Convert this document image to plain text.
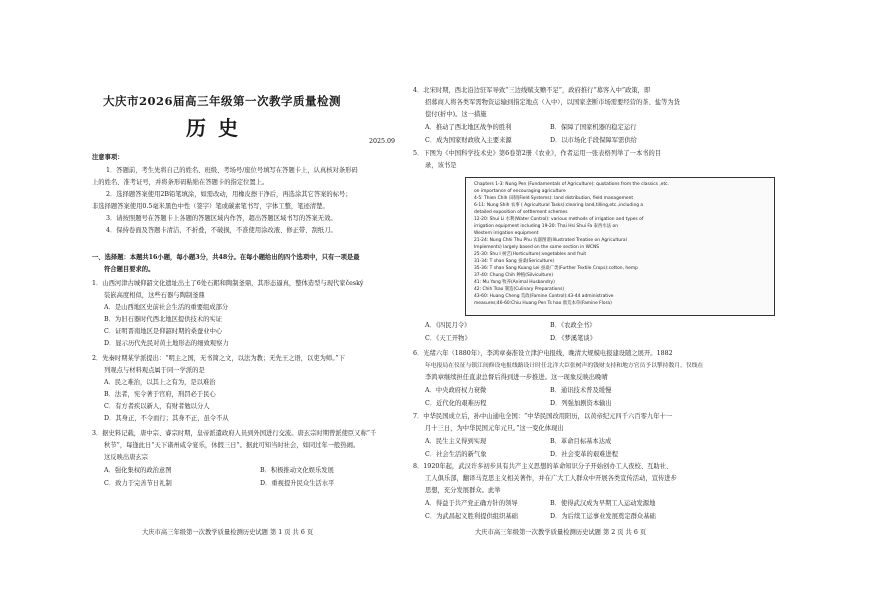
大庆市2026届高三年级第一次教学质量检测
历史
2025.09
注意事项：
1．答题前，考生先将自己的姓名、班级、考场号/座位号填写在答题卡上，认真核对条形码
上的姓名、准考证号，并将条形码粘贴在答题卡的指定位置上。
2．选择题答案使用2B铅笔填涂，如需改动，用橡皮擦干净后，再选涂其它答案的标号；
非选择题答案使用0.5毫米黑色中性（签字）笔或碳素笔书写，字体工整，笔迹清楚。
3．请按照题号在答题卡上各题的答题区域内作答，超出答题区域书写的答案无效。
4．保持卷面及答题卡清洁，不折叠，不破损，不准使用涂改液、修正带、刮纸刀。
一、选择题：本题共16小题，每小题3分，共48分。在每小题给出的四个选项中，只有一项是最
符合题目要求的。
1．山西河津古城仰韶文化遗址出土了6处石耜和陶制釜鼎，其形态逼真，整体造型与现代家český
装嵌高度相似，这些石器与陶制釜鼎
A．是山西地区史前社会生活的重要组成部分
B．为旧石器时代西北地区提供技术的实证
C．证明晋南地区是仰韶时期的桑蚕业中心
D．显示历代先民对黄土地形态的细致观察力
2．先秦时期某学派提出：“明主之国，无书简之文，以法为教；无先王之语，以吏为师。”下
列观点与材料观点属于同一学派的是
A．民之难治，以其上之有为，是以难治
B．法者，宪令著于官府，刑罚必于民心
C．有方者疾以新人，有财者勉以分人
D．其身正，不令而行；其身不正，虽令不从
3．据史料记载，唐中宗、睿宗时期，皇帝派遣政府人员到外国进行交流。唐玄宗时期曾派使臣又称“千
秋节”，每逢此日“天下诸州咸令宴乐，休假三日”。据此可知当时社会，如同过年一般热闹。
这反映出唐玄宗
A．强化集权的政治意图	B．积极推动文化娱乐发展
C．致力于完善节日礼制	D．重视提升民众生活水平
大庆市高三年级第一次教学质量检测历史试题 第 1 页 共 6 页
4．北宋时期，西北沿边驻军导致“三边线赋支赡不足”，政府推行“募客入中”政策，即
招募商人将各类军需物资运输到指定地点（入中），以国家垄断市场需要经营的茶、盐等为货
偿付(折中)。这一措施
A．推动了西北地区战争的胜利	B．保障了国家机器的稳定运行
C．成为国家财政收入主要来源	D．以市场化手段保障军需供给
5．下图为《中国科学技术史》第6卷第2册《农业》，作者运用一张表格列举了一本书的目
录，该书是
Chapters 1-3: Nung Pen (Fundamentals of Agriculture): quotations from the classics ,etc.
on importance of encouraging agriculture
4-5: Thien Chih 田制(Field Systems): land distribution, field management
6-11: Nung Shih 农事 ( Agricultural Tasks):clearing land,tilling,etc.,including a
detailed exposition of settlement schemes
12-20: Shui Li 水利(Water Control): various methods of irrigation and types of
irrigation equipment including 19-20: Thai Hsi Shui Fa 泰西水法 on
Western irrigation equipment
21-24: Nung Chhi Thu Phu 农器图谱(Illustrated Treatise on Agricultural
Implements) largely based on the same section in WCNS
25-30: Shu I 树艺(Horticulture):vegetables and fruit
31-34: T shan Sang 蚕桑(Sericulture)
35-36: T shan Sang Kuang Lei 蚕桑广类(Further Textile Crops):cotton, hemp
37-40: Chung Chih 种植(Silviculture)
41: Mu Yang 牧养(Animal Husbandry)
42: Chih Tsao 制造(Culinary Preparations)
43-60: Huang Cheng 荒政(Famine Control):43-44 administrative
measures;46-60:Chiu Huang Pen Ts hao 救荒本草(Famine Flora)
A．《四民月令》	B．《农政全书》
C．《天工开物》	D．《梦溪笔谈》
6．光绪六年（1880年），李鸿章奏准设立津沪电报线，晚清大规模电报建设随之展开。1882
年电报局在仪征与镇江间修设电报线路设计时任北洋大臣张树声的钱财支持和地方官员予以掣持数月，仅线在
李鸿章继续担任直隶总督后得到进一步推进。这一现象反映出晚晴
A．中央政府权力衰微	B．通讯技术普及缓慢
C．近代化的艰难历程	D．列强加剧资本输出
7．中华民国成立后，孙中山通电全国：“中华民国改用阳历，以黄帝纪元四千六百零九年十一
月十三日，为中华民国元年元旦。”这一变化体现出
A．民生主义得到实现	B．革命目标基本达成
C．社会生活的新气象	D．社会变革的艰难进程
8．1920年起，武汉许多初步具有共产主义思想的革命知识分子开始创办工人夜校、互助社、
工人俱乐部，翻译马克思主义相关著作，并在广大工人群众中开展各类宣传活动，宣传进步
思想，充分发展群众。此举
A．得益于共产党正确方针的领导	B．使得武汉成为早期工人运动发源地
C．为武昌起义胜利提供组织基础	D．为后续工运事业发展奠定群众基础
大庆市高三年级第一次教学质量检测历史试题 第 2 页 共 6 页
